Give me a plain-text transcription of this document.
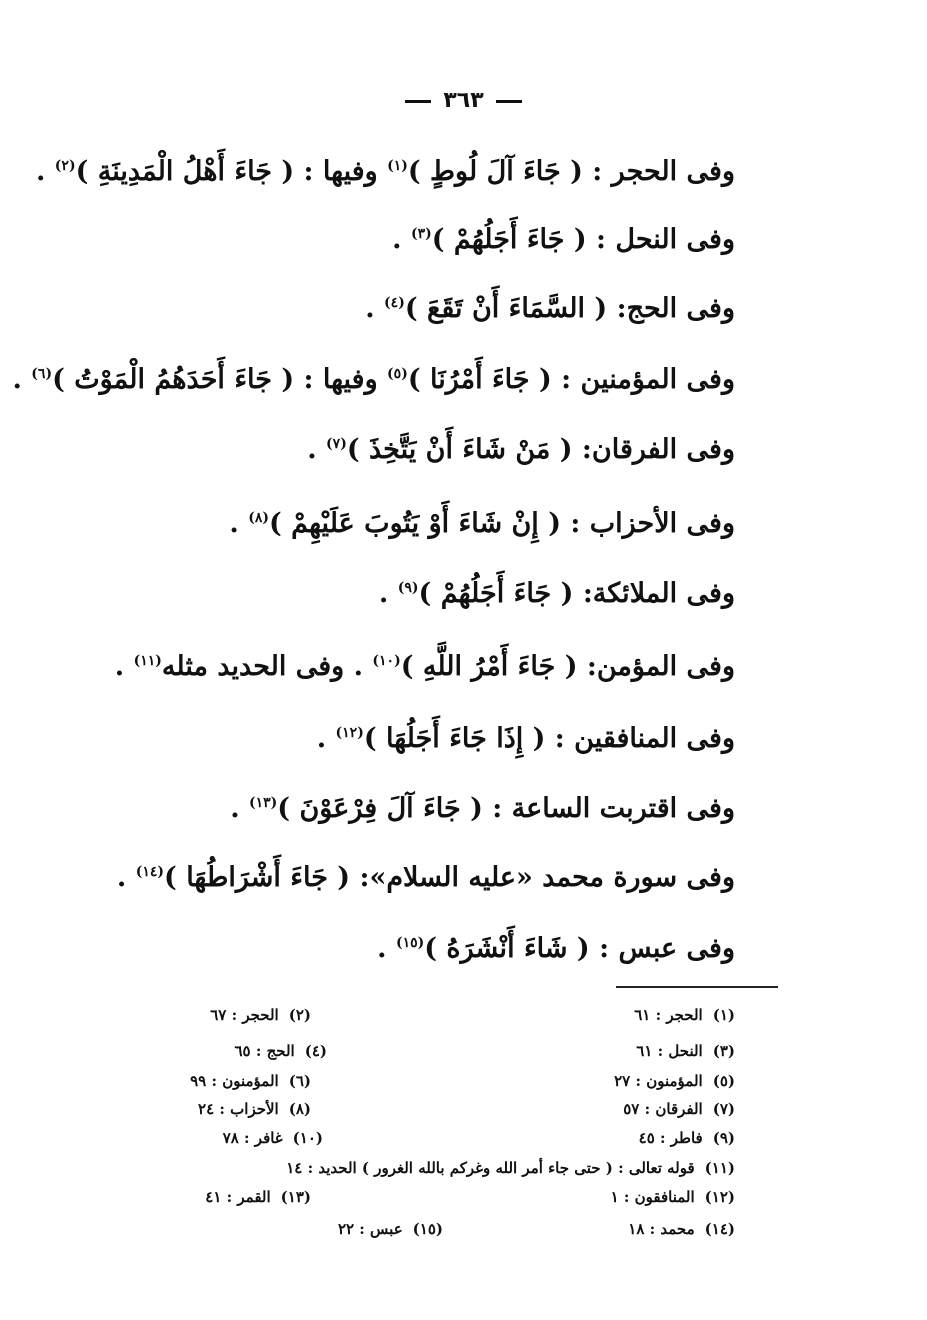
٣٦٣
وفى الحجر : ( جَاءَ آلَ لُوطٍ )$^{(١)}$ وفيها : ( جَاءَ أَهْلُ الْمَدِينَةِ )$^{(٢)}$ .
وفى النحل : ( جَاءَ أَجَلُهُمْ )$^{(٣)}$ .
وفى الحج: ( السَّمَاءَ أَنْ تَقَعَ )$^{(٤)}$ .
وفى المؤمنين : ( جَاءَ أَمْرُنَا )$^{(٥)}$ وفيها : ( جَاءَ أَحَدَهُمُ الْمَوْتُ )$^{(٦)}$ .
وفى الفرقان: ( مَنْ شَاءَ أَنْ يَتَّخِذَ )$^{(٧)}$ .
وفى الأحزاب : ( إِنْ شَاءَ أَوْ يَتُوبَ عَلَيْهِمْ )$^{(٨)}$ .
وفى الملائكة: ( جَاءَ أَجَلُهُمْ )$^{(٩)}$ .
وفى المؤمن: ( جَاءَ أَمْرُ اللَّهِ )$^{(١٠)}$ . وفى الحديد مثله$^{(١١)}$ .
وفى المنافقين : ( إِذَا جَاءَ أَجَلُهَا )$^{(١٢)}$ .
وفى اقتربت الساعة : ( جَاءَ آلَ فِرْعَوْنَ )$^{(١٣)}$ .
وفى سورة محمد «عليه السلام»: ( جَاءَ أَشْرَاطُهَا )$^{(١٤)}$ .
وفى عبس : ( شَاءَ أَنْشَرَهُ )$^{(١٥)}$ .
(١)الحجر : ٦١
(٢)الحجر : ٦٧
(٣)النحل : ٦١
(٤)الحج : ٦٥
(٥)المؤمنون : ٢٧
(٦)المؤمنون : ٩٩
(٧)الفرقان : ٥٧
(٨)الأحزاب : ٢٤
(٩)فاطر : ٤٥
(١٠)غافر : ٧٨
(١١)قوله تعالى : ( حتى جاء أمر الله وغركم بالله الغرور ) الحديد : ١٤
(١٢)المنافقون : ١
(١٣)القمر : ٤١
(١٤)محمد : ١٨
(١٥)عبس : ٢٢
